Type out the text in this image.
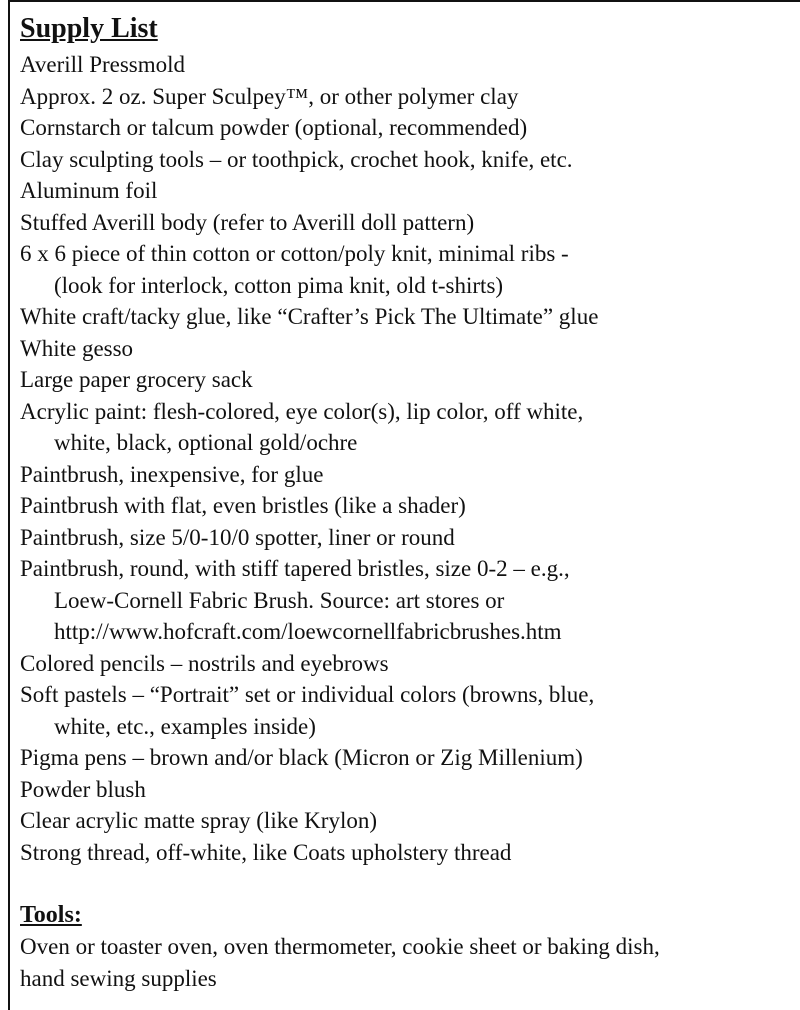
Supply List
Averill Pressmold
Approx. 2 oz. Super Sculpey™, or other polymer clay
Cornstarch or talcum powder (optional, recommended)
Clay sculpting tools – or toothpick, crochet hook, knife, etc.
Aluminum foil
Stuffed Averill body (refer to Averill doll pattern)
6 x 6 piece of thin cotton or cotton/poly knit, minimal ribs -
(look for interlock, cotton pima knit, old t-shirts)
White craft/tacky glue, like “Crafter’s Pick The Ultimate” glue
White gesso
Large paper grocery sack
Acrylic paint: flesh-colored, eye color(s), lip color, off white,
white, black, optional gold/ochre
Paintbrush, inexpensive, for glue
Paintbrush with flat, even bristles (like a shader)
Paintbrush, size 5/0-10/0 spotter, liner or round
Paintbrush, round, with stiff tapered bristles, size 0-2 – e.g.,
Loew-Cornell Fabric Brush. Source: art stores or
http://www.hofcraft.com/loewcornellfabricbrushes.htm
Colored pencils – nostrils and eyebrows
Soft pastels – “Portrait” set or individual colors (browns, blue,
white, etc., examples inside)
Pigma pens – brown and/or black (Micron or Zig Millenium)
Powder blush
Clear acrylic matte spray (like Krylon)
Strong thread, off-white, like Coats upholstery thread
Tools:
Oven or toaster oven, oven thermometer, cookie sheet or baking dish,
hand sewing supplies
